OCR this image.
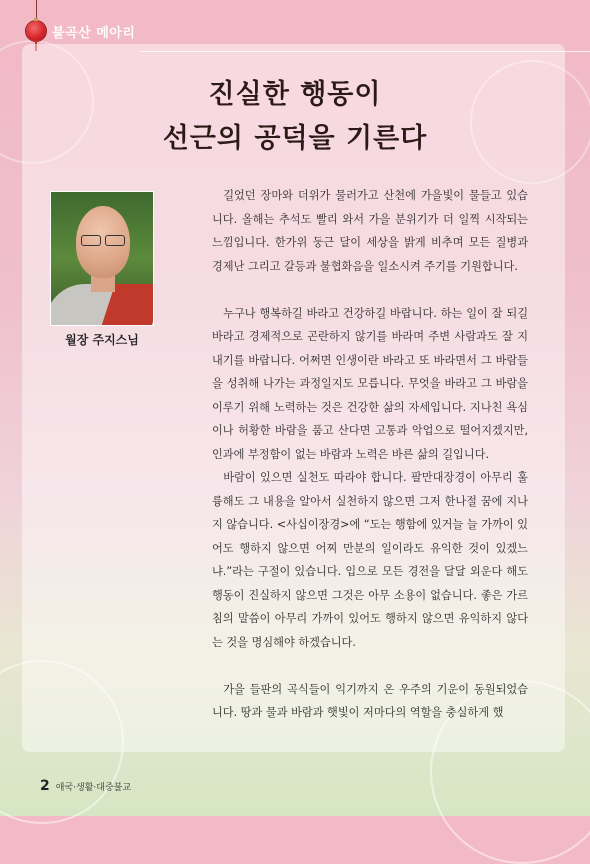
불곡산 메아리
진실한 행동이
선근의 공덕을 기른다
월장 주지스님

길었던 장마와 더위가 물러가고 산천에 가을빛이 물들고 있습니다. 올해는 추석도 빨리 와서 가을 분위기가 더 일찍 시작되는 느낌입니다. 한가위 둥근 달이 세상을 밝게 비추며 모든 질병과 경제난 그리고 갈등과 불협화음을 일소시켜 주기를 기원합니다.

누구나 행복하길 바라고 건강하길 바랍니다. 하는 일이 잘 되길 바라고 경제적으로 곤란하지 않기를 바라며 주변 사람과도 잘 지내기를 바랍니다. 어쩌면 인생이란 바라고 또 바라면서 그 바람들을 성취해 나가는 과정일지도 모릅니다. 무엇을 바라고 그 바람을 이루기 위해 노력하는 것은 건강한 삶의 자세입니다. 지나친 욕심이나 허황한 바람을 품고 산다면 고통과 악업으로 떨어지겠지만, 인과에 부정함이 없는 바람과 노력은 바른 삶의 길입니다.

바람이 있으면 실천도 따라야 합니다. 팔만대장경이 아무리 훌륭해도 그 내용을 알아서 실천하지 않으면 그저 한나절 꿈에 지나지 않습니다. <사십이장경>에 “도는 행함에 있거늘 늘 가까이 있어도 행하지 않으면 어찌 만분의 일이라도 유익한 것이 있겠느냐.”라는 구절이 있습니다. 입으로 모든 경전을 달달 외운다 해도 행동이 진실하지 않으면 그것은 아무 소용이 없습니다. 좋은 가르침의 말씀이 아무리 가까이 있어도 행하지 않으면 유익하지 않다는 것을 명심해야 하겠습니다.

가을 들판의 곡식들이 익기까지 온 우주의 기운이 동원되었습니다. 땅과 물과 바람과 햇빛이 저마다의 역할을 충실하게 했

2 애국·생활·대중불교
